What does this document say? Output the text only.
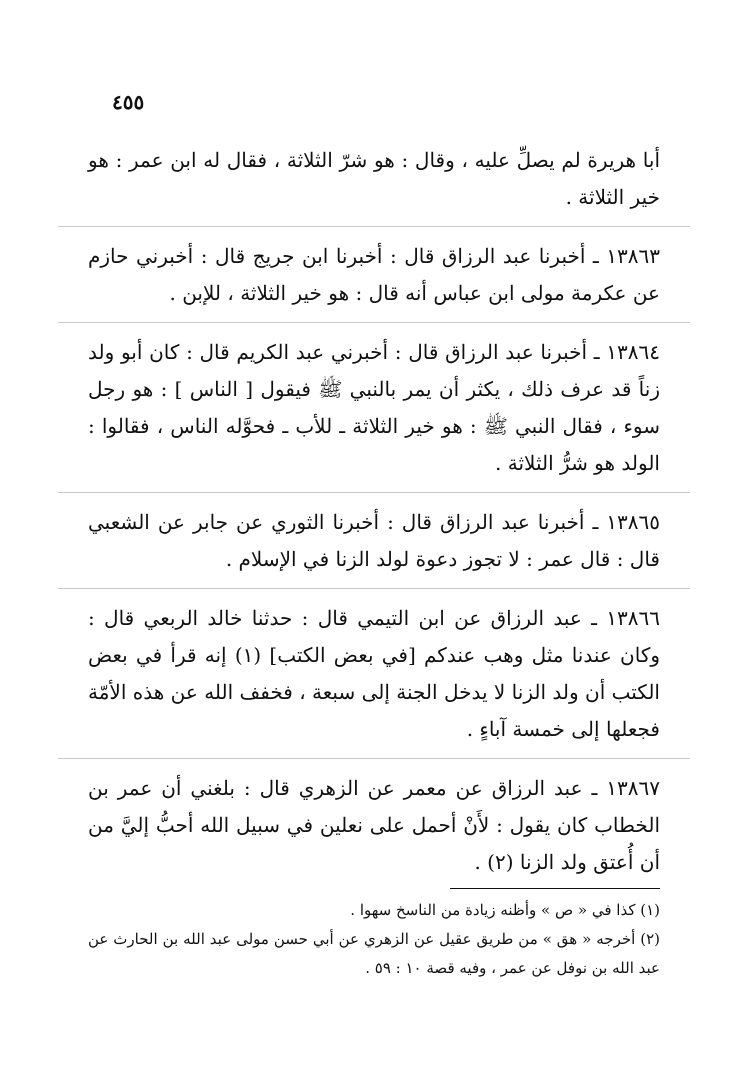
٤٥٥

أبا هريرة لم يصلِّ عليه ، وقال : هو شرّ الثلاثة ، فقال له ابن عمر : هو خير الثلاثة .

١٣٨٦٣ ـ أخبرنا عبد الرزاق قال : أخبرنا ابن جريج قال : أخبرني حازم عن عكرمة مولى ابن عباس أنه قال : هو خير الثلاثة ، للإبن .

١٣٨٦٤ ـ أخبرنا عبد الرزاق قال : أخبرني عبد الكريم قال : كان أبو ولد زناً قد عرف ذلك ، يكثر أن يمر بالنبي ﷺ فيقول [ الناس ] : هو رجل سوء ، فقال النبي ﷺ : هو خير الثلاثة ـ للأب ـ فحوَّله الناس ، فقالوا : الولد هو شرُّ الثلاثة .

١٣٨٦٥ ـ أخبرنا عبد الرزاق قال : أخبرنا الثوري عن جابر عن الشعبي قال : قال عمر : لا تجوز دعوة لولد الزنا في الإسلام .

١٣٨٦٦ ـ عبد الرزاق عن ابن التيمي قال : حدثنا خالد الربعي قال : وكان عندنا مثل وهب عندكم [في بعض الكتب] (١) إنه قرأ في بعض الكتب أن ولد الزنا لا يدخل الجنة إلى سبعة ، فخفف الله عن هذه الأمّة فجعلها إلى خمسة آباءٍ .

١٣٨٦٧ ـ عبد الرزاق عن معمر عن الزهري قال : بلغني أن عمر بن الخطاب كان يقول : لأَنْ أحمل على نعلين في سبيل الله أحبُّ إليَّ من أن أُعتق ولد الزنا (٢) .

(١) كذا في « ص » وأظنه زيادة من الناسخ سهوا .

(٢) أخرجه « هق » من طريق عقيل عن الزهري عن أبي حسن مولى عبد الله بن الحارث عن عبد الله بن نوفل عن عمر ، وفيه قصة ١٠ : ٥٩ .
